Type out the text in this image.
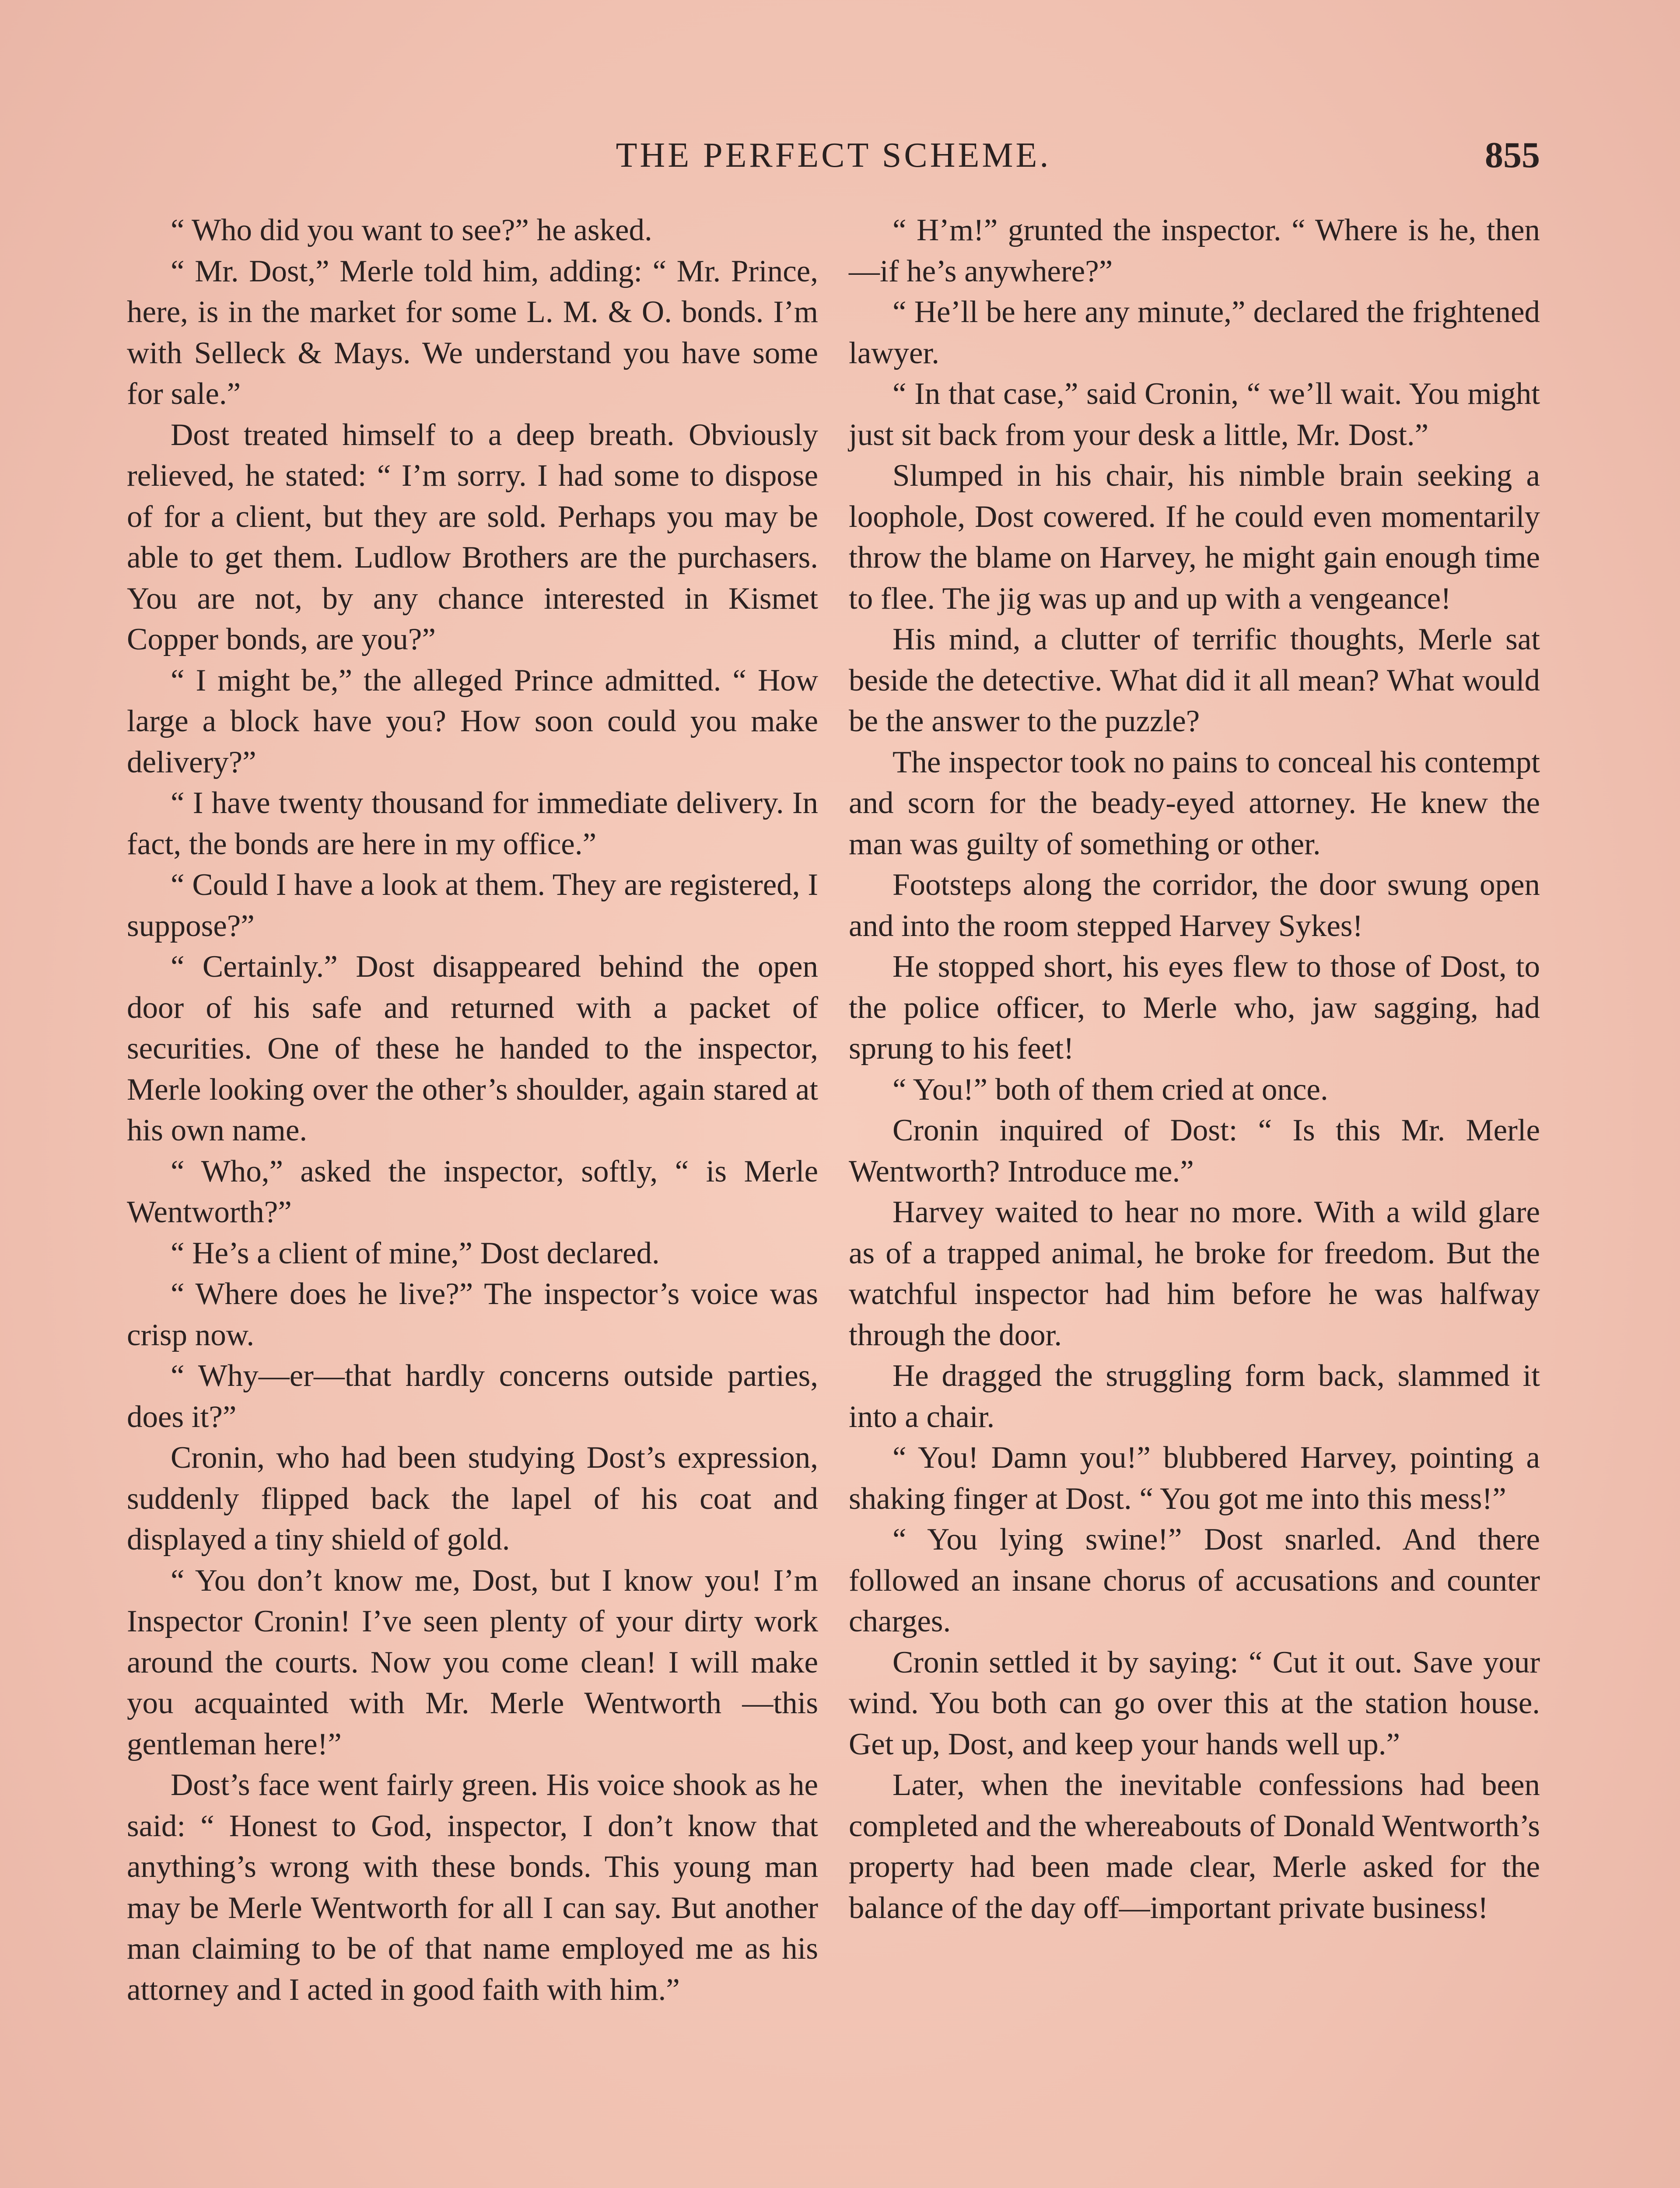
THE PERFECT SCHEME.	855

“ Who did you want to see?” he asked.

“ Mr. Dost,” Merle told him, adding: “ Mr. Prince, here, is in the market for some L. M. & O. bonds. I’m with Selleck & Mays. We understand you have some for sale.”

Dost treated himself to a deep breath. Obviously relieved, he stated: “ I’m sorry. I had some to dispose of for a client, but they are sold. Perhaps you may be able to get them. Ludlow Brothers are the purchasers. You are not, by any chance interested in Kismet Copper bonds, are you?”

“ I might be,” the alleged Prince admitted. “ How large a block have you? How soon could you make delivery?”

“ I have twenty thousand for immediate delivery. In fact, the bonds are here in my office.”

“ Could I have a look at them. They are registered, I suppose?”

“ Certainly.” Dost disappeared behind the open door of his safe and returned with a packet of securities. One of these he handed to the inspector, Merle looking over the other’s shoulder, again stared at his own name.

“ Who,” asked the inspector, softly, “ is Merle Wentworth?”

“ He’s a client of mine,” Dost declared.

“ Where does he live?” The inspector’s voice was crisp now.

“ Why—er—that hardly concerns outside parties, does it?”

Cronin, who had been studying Dost’s expression, suddenly flipped back the lapel of his coat and displayed a tiny shield of gold.

“ You don’t know me, Dost, but I know you! I’m Inspector Cronin! I’ve seen plenty of your dirty work around the courts. Now you come clean! I will make you acquainted with Mr. Merle Wentworth —this gentleman here!”

Dost’s face went fairly green. His voice shook as he said: “ Honest to God, inspector, I don’t know that anything’s wrong with these bonds. This young man may be Merle Wentworth for all I can say. But another man claiming to be of that name employed me as his attorney and I acted in good faith with him.”

“ H’m!” grunted the inspector. “ Where is he, then—if he’s anywhere?”

“ He’ll be here any minute,” declared the frightened lawyer.

“ In that case,” said Cronin, “ we’ll wait. You might just sit back from your desk a little, Mr. Dost.”

Slumped in his chair, his nimble brain seeking a loophole, Dost cowered. If he could even momentarily throw the blame on Harvey, he might gain enough time to flee. The jig was up and up with a vengeance!

His mind, a clutter of terrific thoughts, Merle sat beside the detective. What did it all mean? What would be the answer to the puzzle?

The inspector took no pains to conceal his contempt and scorn for the beady-eyed attorney. He knew the man was guilty of something or other.

Footsteps along the corridor, the door swung open and into the room stepped Harvey Sykes!

He stopped short, his eyes flew to those of Dost, to the police officer, to Merle who, jaw sagging, had sprung to his feet!

“ You!” both of them cried at once.

Cronin inquired of Dost: “ Is this Mr. Merle Wentworth? Introduce me.”

Harvey waited to hear no more. With a wild glare as of a trapped animal, he broke for freedom. But the watchful inspector had him before he was halfway through the door.

He dragged the struggling form back, slammed it into a chair.

“ You! Damn you!” blubbered Harvey, pointing a shaking finger at Dost. “ You got me into this mess!”

“ You lying swine!” Dost snarled. And there followed an insane chorus of accusations and counter charges.

Cronin settled it by saying: “ Cut it out. Save your wind. You both can go over this at the station house. Get up, Dost, and keep your hands well up.”

Later, when the inevitable confessions had been completed and the whereabouts of Donald Wentworth’s property had been made clear, Merle asked for the balance of the day off—important private business!
